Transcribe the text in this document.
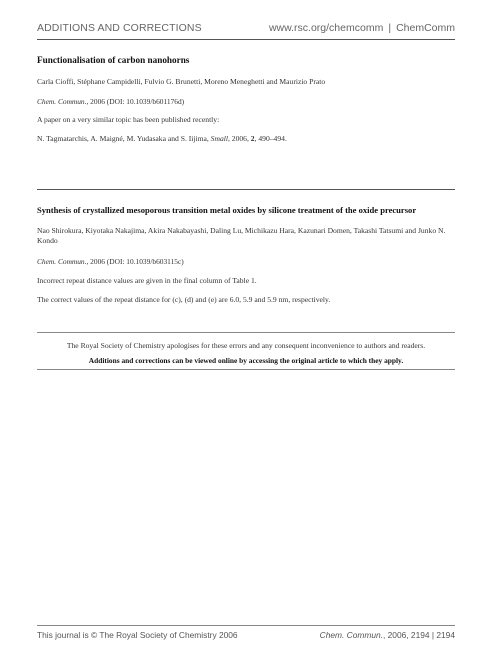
ADDITIONS AND CORRECTIONS	www.rsc.org/chemcomm | ChemComm
Functionalisation of carbon nanohorns
Carla Cioffi, Stéphane Campidelli, Fulvio G. Brunetti, Moreno Meneghetti and Maurizio Prato
Chem. Commun., 2006 (DOI: 10.1039/b601176d)
A paper on a very similar topic has been published recently:
N. Tagmatarchis, A. Maigné, M. Yudasaka and S. Iijima, Small, 2006, 2, 490–494.
Synthesis of crystallized mesoporous transition metal oxides by silicone treatment of the oxide precursor
Nao Shirokura, Kiyotaka Nakajima, Akira Nakabayashi, Daling Lu, Michikazu Hara, Kazunari Domen, Takashi Tatsumi and Junko N. Kondo
Chem. Commun., 2006 (DOI: 10.1039/b603115c)
Incorrect repeat distance values are given in the final column of Table 1.
The correct values of the repeat distance for (c), (d) and (e) are 6.0, 5.9 and 5.9 nm, respectively.
The Royal Society of Chemistry apologises for these errors and any consequent inconvenience to authors and readers.
Additions and corrections can be viewed online by accessing the original article to which they apply.
This journal is © The Royal Society of Chemistry 2006	Chem. Commun., 2006, 2194 | 2194
